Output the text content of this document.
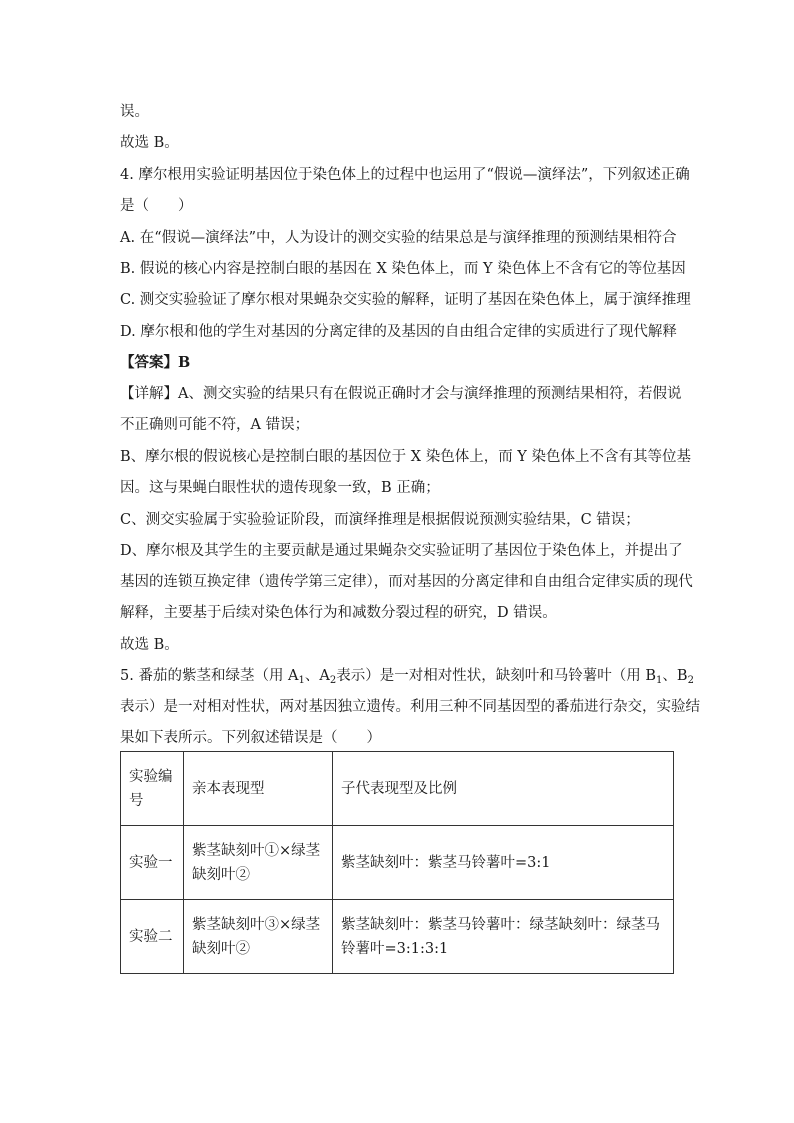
误。
故选 B。
4. 摩尔根用实验证明基因位于染色体上的过程中也运用了“假说—演绎法”，下列叙述正确
是（　　）
A. 在“假说—演绎法”中，人为设计的测交实验的结果总是与演绎推理的预测结果相符合
B. 假说的核心内容是控制白眼的基因在 X 染色体上，而 Y 染色体上不含有它的等位基因
C. 测交实验验证了摩尔根对果蝇杂交实验的解释，证明了基因在染色体上，属于演绎推理
D. 摩尔根和他的学生对基因的分离定律的及基因的自由组合定律的实质进行了现代解释
【答案】B
【详解】A、测交实验的结果只有在假说正确时才会与演绎推理的预测结果相符，若假说
不正确则可能不符，A 错误；
B、摩尔根的假说核心是控制白眼的基因位于 X 染色体上，而 Y 染色体上不含有其等位基
因。这与果蝇白眼性状的遗传现象一致，B 正确；
C、测交实验属于实验验证阶段，而演绎推理是根据假说预测实验结果，C 错误；
D、摩尔根及其学生的主要贡献是通过果蝇杂交实验证明了基因位于染色体上，并提出了
基因的连锁互换定律（遗传学第三定律），而对基因的分离定律和自由组合定律实质的现代
解释，主要基于后续对染色体行为和减数分裂过程的研究，D 错误。
故选 B。
5. 番茄的紫茎和绿茎（用 $A_1$、$A_2$表示）是一对相对性状，缺刻叶和马铃薯叶（用 $B_1$、$B_2$
表示）是一对相对性状，两对基因独立遗传。利用三种不同基因型的番茄进行杂交，实验结
果如下表所示。下列叙述错误是（　　）
实验编号	亲本表现型	子代表现型及比例
实验一	紫茎缺刻叶①×绿茎缺刻叶②	紫茎缺刻叶：紫茎马铃薯叶=3:1
实验二	紫茎缺刻叶③×绿茎缺刻叶②	紫茎缺刻叶：紫茎马铃薯叶：绿茎缺刻叶：绿茎马铃薯叶=3:1:3:1
